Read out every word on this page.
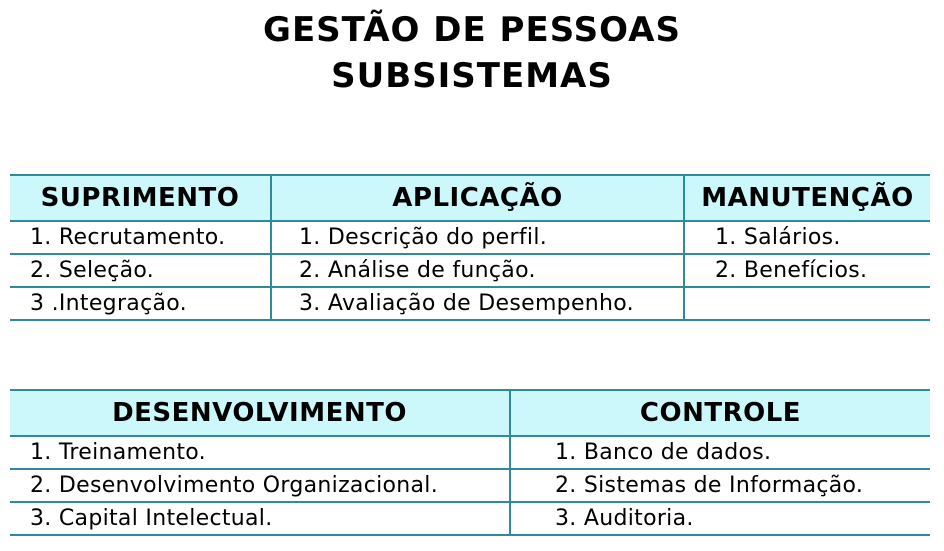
GESTÃO DE PESSOAS
SUBSISTEMAS
SUPRIMENTO	APLICAÇÃO	MANUTENÇÃO
1. Recrutamento.	1. Descrição do perfil.	1. Salários.
2. Seleção.	2. Análise de função.	2. Benefícios.
3 .Integração.	3. Avaliação de Desempenho.	
DESENVOLVIMENTO	CONTROLE
1. Treinamento.	1. Banco de dados.
2. Desenvolvimento Organizacional.	2. Sistemas de Informação.
3. Capital Intelectual.	3. Auditoria.
